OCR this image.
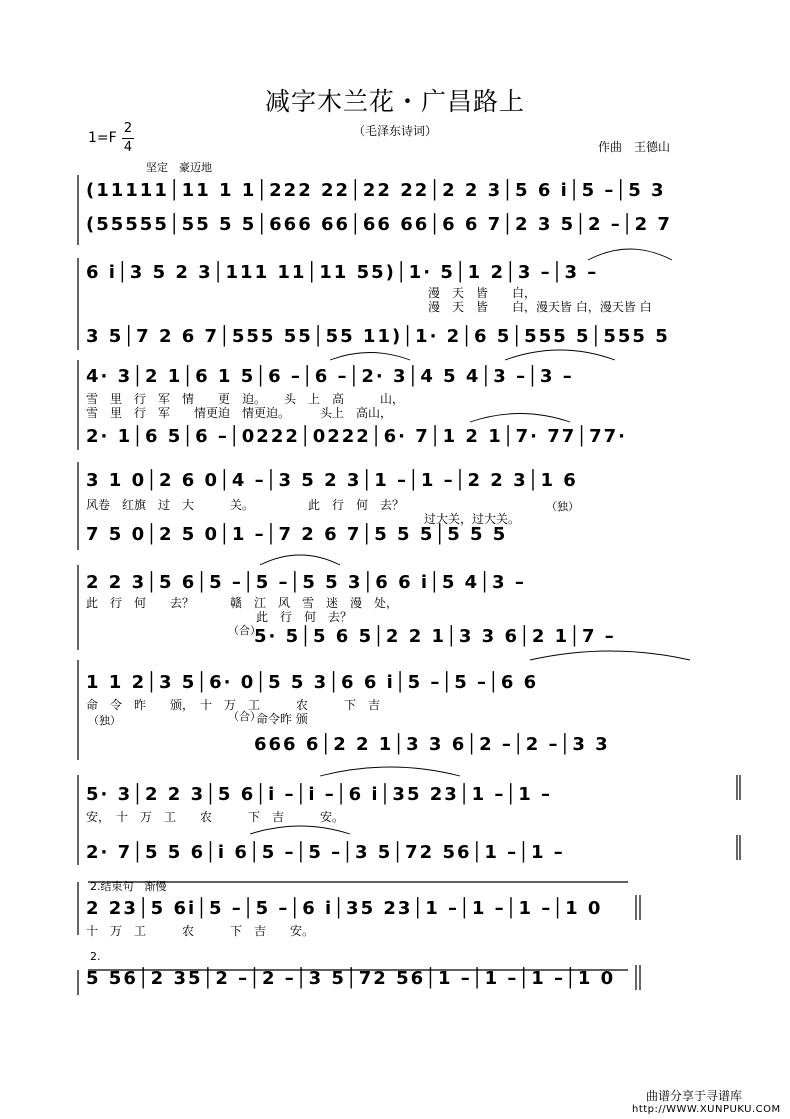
减字木兰花・广昌路上
（毛泽东诗词）
作曲　王德山
1=F
2
4
坚定　豪迈地
(11111│11 1 1│222 22│22 22│2 2 3│5 6 i│5 –│5 3
(55555│55 5 5│666 66│66 66│6 6 7│2 3 5│2 –│2 7
6 i│3 5 2 3│111 11│11 55)│1· 5│1 2│3 –│3 –
漫　天　皆　　白，
漫　天　皆　　白，漫天皆 白，漫天皆 白
3 5│7 2 6 7│555 55│55 11)│1· 2│6 5│555 5│555 5
4· 3│2 1│6 1 5│6 –│6 –│2· 3│4 5 4│3 –│3 –
雪　里　行　军　情　　更　迫。　　头　上　高　　　山，
雪　里　行　军　　情更迫　情更迫。　　　头上　高山，
2· 1│6 5│6 –│0222│0222│6· 7│1 2 1│7· 77│77·
3 1 0│2 6 0│4 –│3 5 2 3│1 –│1 –│2 2 3│1 6
风卷　红旗　过　大　　　关。　　　　　此　行　何　去？
过大关，过大关。
（独）
7 5 0│2 5 0│1 –│7 2 6 7│5 5 5│5 5 5
2 2 3│5 6│5 –│5 –│5 5 3│6 6 i│5 4│3 –
此　行　何　　去？　　　赣　江　风　雪　迷　漫　处，
此　行　何　去？
（合）
5· 5│5 6 5│2 2 1│3 3 6│2 1│7 –
1 1 2│3 5│6· 0│5 5 3│6 6 i│5 –│5 –│6 6
命　令　昨　　颁，　十　万　工　　　农　　　下　吉
（独）	（合）
命令昨 颁
666 6│2 2 1│3 3 6│2 –│2 –│3 3
5· 3│2 2 3│5 6│i –│i –│6 i│35 23│1 –│1 –
安，　十　万　工　　农　　　下　吉　　　安。
2· 7│5 5 6│i 6│5 –│5 –│3 5│72 56│1 –│1 –
2.结束句　渐慢
2 23│5 6i│5 –│5 –│6 i│35 23│1 –│1 –│1 –│1 0
十　万　工　　　农　　　下　吉　　安。
2.
5 56│2 35│2 –│2 –│3 5│72 56│1 –│1 –│1 –│1 0
曲谱分享于寻谱库
http://WWW.XUNPUKU.COM
